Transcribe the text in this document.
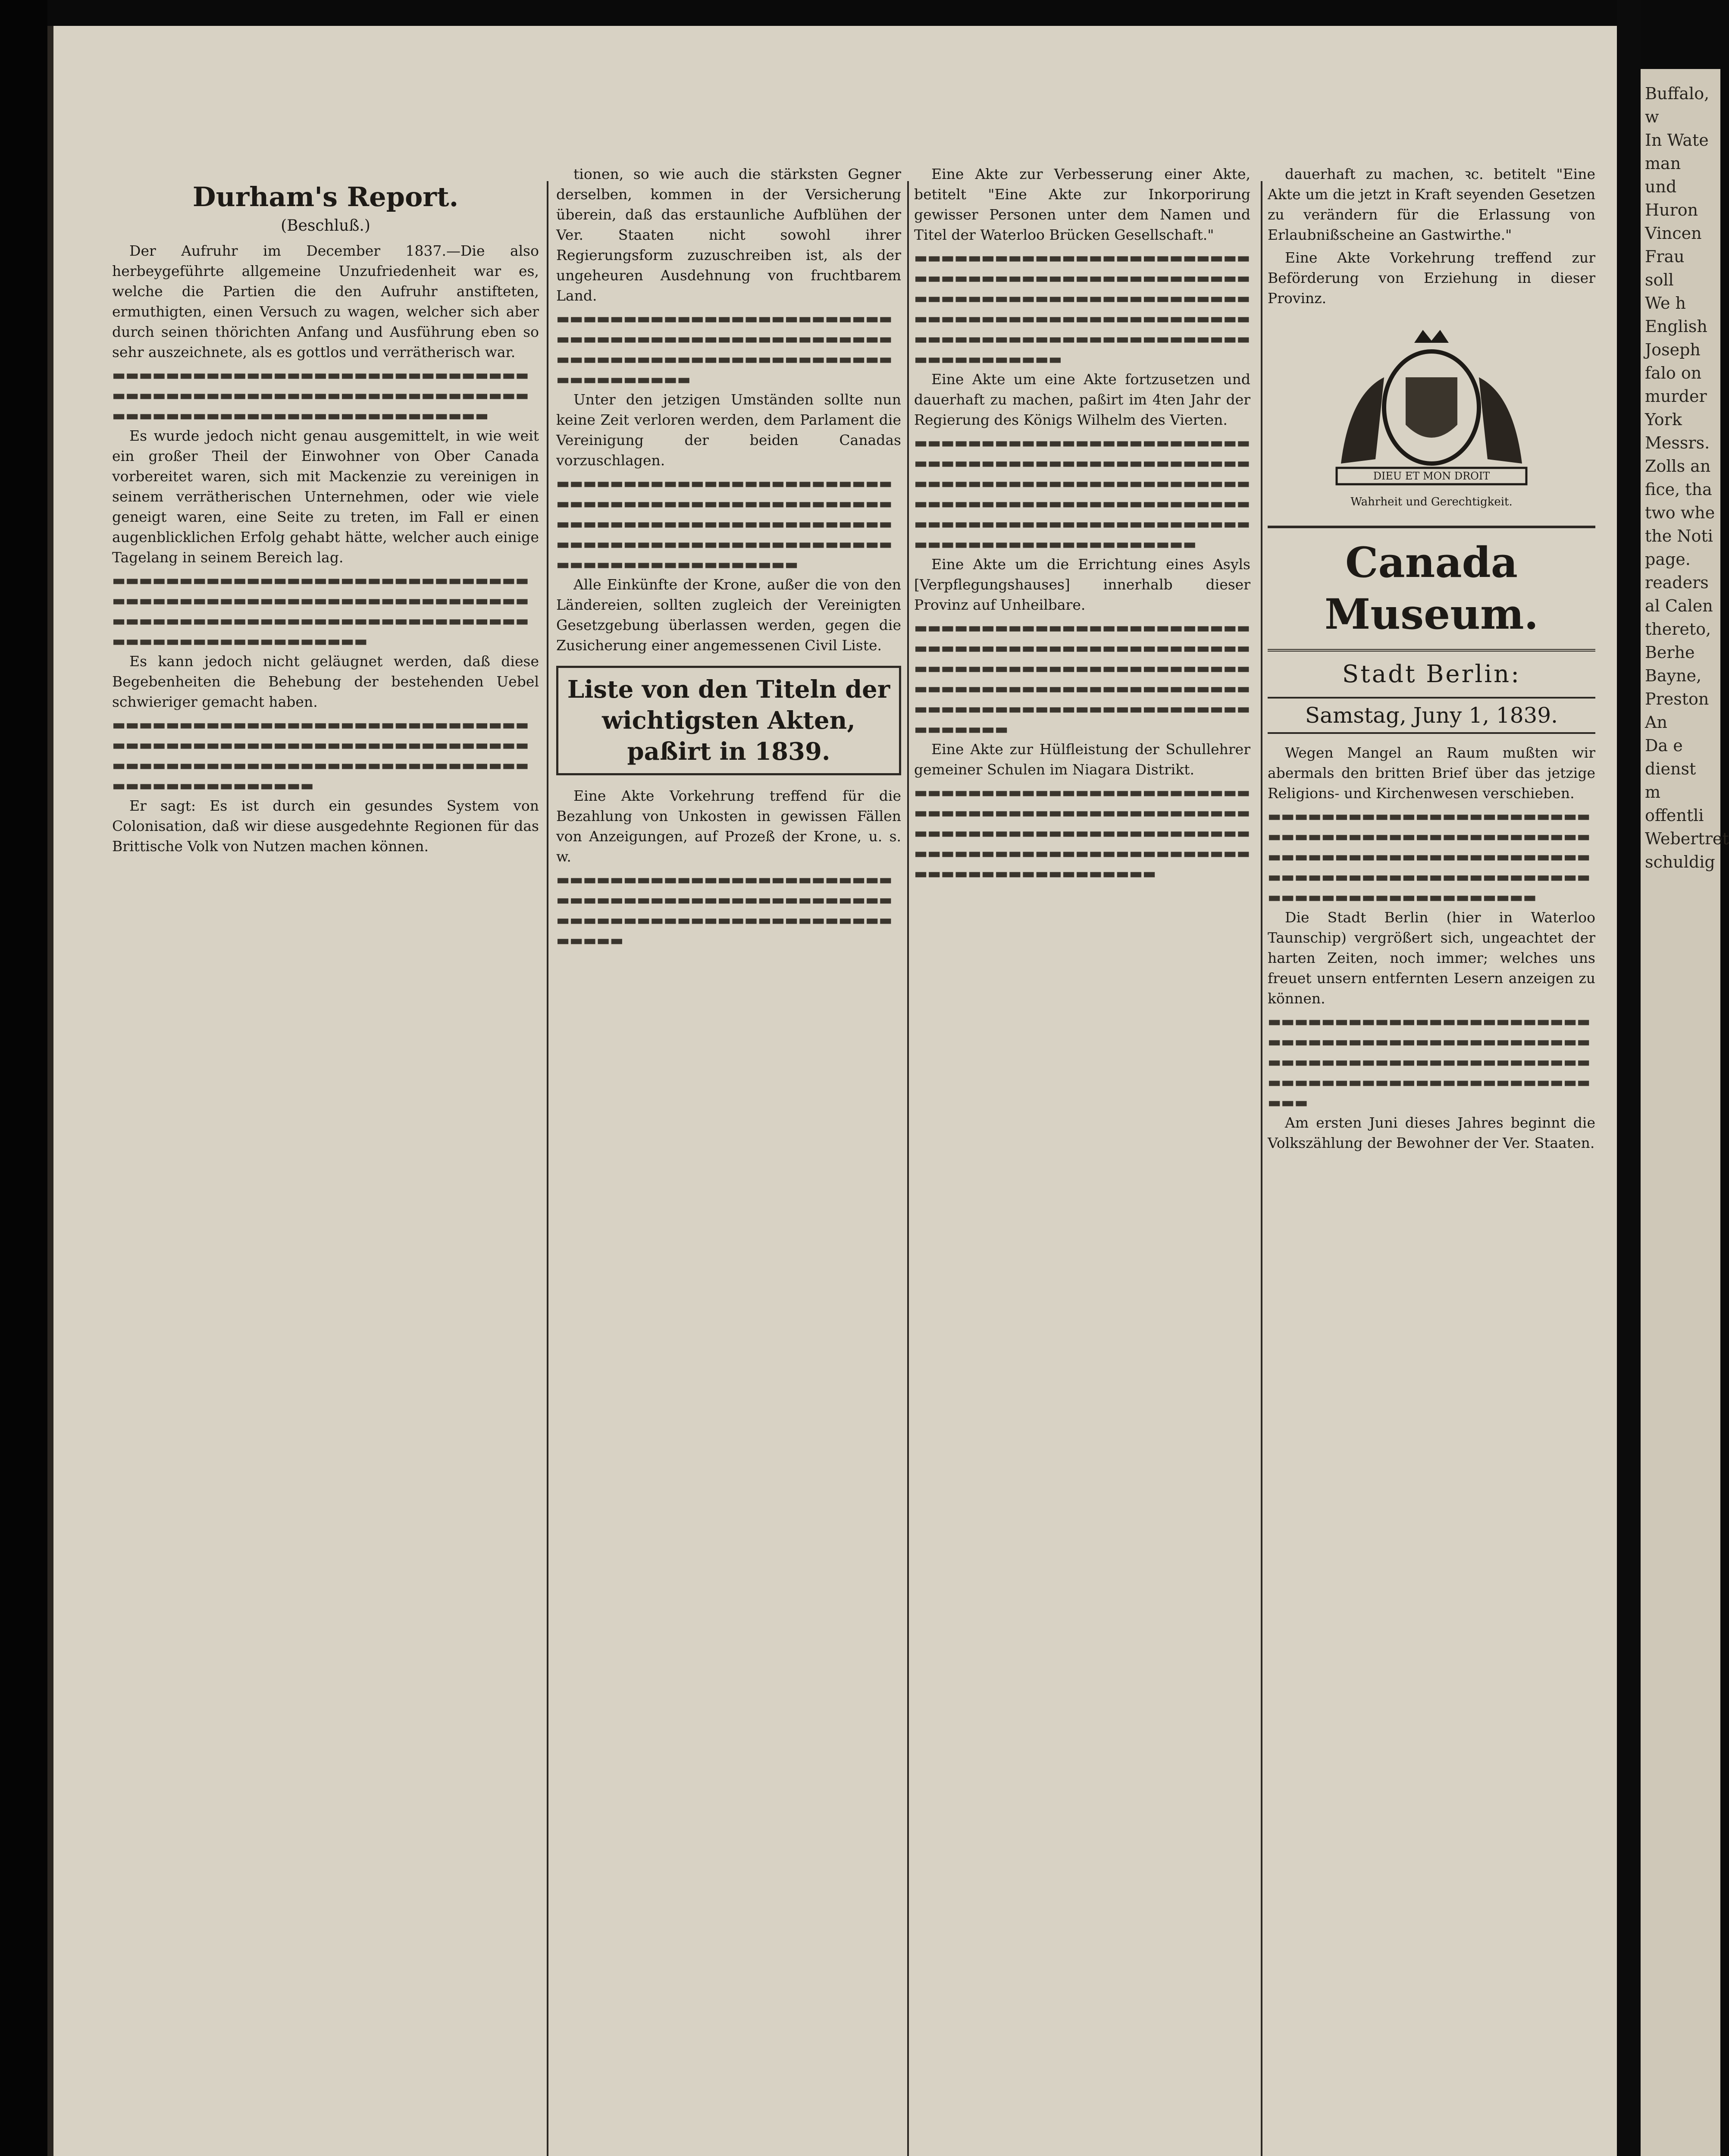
Durham's Report.
(Beschluß.)

Der Aufruhr im December 1837.—Die also herbeygeführte allgemeine Unzufriedenheit war es, welche die Partien die den Aufruhr anstifteten, ermuthigten, einen Versuch zu wagen, welcher sich aber durch seinen thörichten Anfang und Ausführung eben so sehr auszeichnete, als es gottlos und verrätherisch war.

▬▬▬▬▬▬▬▬▬▬▬▬▬▬▬▬▬▬▬▬▬▬▬▬▬▬▬▬▬▬▬▬▬▬▬▬▬▬▬▬▬▬▬▬▬▬▬▬▬▬▬▬▬▬▬▬▬▬▬▬▬▬▬▬▬▬▬▬▬▬▬▬▬▬▬▬▬▬▬▬▬▬▬▬▬▬▬▬▬▬

Es wurde jedoch nicht genau ausgemittelt, in wie weit ein großer Theil der Einwohner von Ober Canada vorbereitet waren, sich mit Mackenzie zu vereinigen in seinem verrätherischen Unternehmen, oder wie viele geneigt waren, eine Seite zu treten, im Fall er einen augenblicklichen Erfolg gehabt hätte, welcher auch einige Tagelang in seinem Bereich lag.

▬▬▬▬▬▬▬▬▬▬▬▬▬▬▬▬▬▬▬▬▬▬▬▬▬▬▬▬▬▬▬▬▬▬▬▬▬▬▬▬▬▬▬▬▬▬▬▬▬▬▬▬▬▬▬▬▬▬▬▬▬▬▬▬▬▬▬▬▬▬▬▬▬▬▬▬▬▬▬▬▬▬▬▬▬▬▬▬▬▬▬▬▬▬▬▬▬▬▬▬▬▬▬▬▬▬▬▬▬▬▬▬

Es kann jedoch nicht geläugnet werden, daß diese Begebenheiten die Behebung der bestehenden Uebel schwieriger gemacht haben.

▬▬▬▬▬▬▬▬▬▬▬▬▬▬▬▬▬▬▬▬▬▬▬▬▬▬▬▬▬▬▬▬▬▬▬▬▬▬▬▬▬▬▬▬▬▬▬▬▬▬▬▬▬▬▬▬▬▬▬▬▬▬▬▬▬▬▬▬▬▬▬▬▬▬▬▬▬▬▬▬▬▬▬▬▬▬▬▬▬▬▬▬▬▬▬▬▬▬▬▬▬▬▬▬▬▬▬▬

Er sagt: Es ist durch ein gesundes System von Colonisation, daß wir diese ausgedehnte Regionen für das Brittische Volk von Nutzen machen können.

tionen, so wie auch die stärksten Gegner derselben, kommen in der Versicherung überein, daß das erstaunliche Aufblühen der Ver. Staaten nicht sowohl ihrer Regierungsform zuzuschreiben ist, als der ungeheuren Ausdehnung von fruchtbarem Land.

▬▬▬▬▬▬▬▬▬▬▬▬▬▬▬▬▬▬▬▬▬▬▬▬▬▬▬▬▬▬▬▬▬▬▬▬▬▬▬▬▬▬▬▬▬▬▬▬▬▬▬▬▬▬▬▬▬▬▬▬▬▬▬▬▬▬▬▬▬▬▬▬▬▬▬▬▬▬▬▬▬▬▬▬▬

Unter den jetzigen Umständen sollte nun keine Zeit verloren werden, dem Parlament die Vereinigung der beiden Canadas vorzuschlagen.

▬▬▬▬▬▬▬▬▬▬▬▬▬▬▬▬▬▬▬▬▬▬▬▬▬▬▬▬▬▬▬▬▬▬▬▬▬▬▬▬▬▬▬▬▬▬▬▬▬▬▬▬▬▬▬▬▬▬▬▬▬▬▬▬▬▬▬▬▬▬▬▬▬▬▬▬▬▬▬▬▬▬▬▬▬▬▬▬▬▬▬▬▬▬▬▬▬▬▬▬▬▬▬▬▬▬▬▬▬▬▬▬▬▬▬▬▬▬

Alle Einkünfte der Krone, außer die von den Ländereien, sollten zugleich der Vereinigten Gesetzgebung überlassen werden, gegen die Zusicherung einer angemessenen Civil Liste.

Liste von den Titeln der wichtigsten Akten, paßirt in 1839.

Eine Akte Vorkehrung treffend für die Bezahlung von Unkosten in gewissen Fällen von Anzeigungen, auf Prozeß der Krone, u. s. w.

▬▬▬▬▬▬▬▬▬▬▬▬▬▬▬▬▬▬▬▬▬▬▬▬▬▬▬▬▬▬▬▬▬▬▬▬▬▬▬▬▬▬▬▬▬▬▬▬▬▬▬▬▬▬▬▬▬▬▬▬▬▬▬▬▬▬▬▬▬▬▬▬▬▬▬▬▬▬▬▬

Eine Akte zur Verbesserung einer Akte, betitelt "Eine Akte zur Inkorporirung gewisser Personen unter dem Namen und Titel der Waterloo Brücken Gesellschaft."

▬▬▬▬▬▬▬▬▬▬▬▬▬▬▬▬▬▬▬▬▬▬▬▬▬▬▬▬▬▬▬▬▬▬▬▬▬▬▬▬▬▬▬▬▬▬▬▬▬▬▬▬▬▬▬▬▬▬▬▬▬▬▬▬▬▬▬▬▬▬▬▬▬▬▬▬▬▬▬▬▬▬▬▬▬▬▬▬▬▬▬▬▬▬▬▬▬▬▬▬▬▬▬▬▬▬▬▬▬▬▬▬▬▬▬▬▬▬▬▬▬▬▬▬▬▬▬▬▬▬▬▬▬▬▬▬

Eine Akte um eine Akte fortzusetzen und dauerhaft zu machen, paßirt im 4ten Jahr der Regierung des Königs Wilhelm des Vierten.

▬▬▬▬▬▬▬▬▬▬▬▬▬▬▬▬▬▬▬▬▬▬▬▬▬▬▬▬▬▬▬▬▬▬▬▬▬▬▬▬▬▬▬▬▬▬▬▬▬▬▬▬▬▬▬▬▬▬▬▬▬▬▬▬▬▬▬▬▬▬▬▬▬▬▬▬▬▬▬▬▬▬▬▬▬▬▬▬▬▬▬▬▬▬▬▬▬▬▬▬▬▬▬▬▬▬▬▬▬▬▬▬▬▬▬▬▬▬▬▬▬▬▬▬▬▬▬▬▬▬▬▬▬▬▬▬▬▬▬▬▬▬▬▬▬▬

Eine Akte um die Errichtung eines Asyls [Verpflegungshauses] innerhalb dieser Provinz auf Unheilbare.

▬▬▬▬▬▬▬▬▬▬▬▬▬▬▬▬▬▬▬▬▬▬▬▬▬▬▬▬▬▬▬▬▬▬▬▬▬▬▬▬▬▬▬▬▬▬▬▬▬▬▬▬▬▬▬▬▬▬▬▬▬▬▬▬▬▬▬▬▬▬▬▬▬▬▬▬▬▬▬▬▬▬▬▬▬▬▬▬▬▬▬▬▬▬▬▬▬▬▬▬▬▬▬▬▬▬▬▬▬▬▬▬▬▬▬▬▬▬▬▬▬▬▬▬▬▬▬▬▬▬▬▬

Eine Akte zur Hülfleistung der Schullehrer gemeiner Schulen im Niagara Distrikt.

▬▬▬▬▬▬▬▬▬▬▬▬▬▬▬▬▬▬▬▬▬▬▬▬▬▬▬▬▬▬▬▬▬▬▬▬▬▬▬▬▬▬▬▬▬▬▬▬▬▬▬▬▬▬▬▬▬▬▬▬▬▬▬▬▬▬▬▬▬▬▬▬▬▬▬▬▬▬▬▬▬▬▬▬▬▬▬▬▬▬▬▬▬▬▬▬▬▬▬▬▬▬▬▬▬▬▬▬▬▬▬▬▬▬▬▬▬▬

dauerhaft zu machen, ꝛc. betitelt "Eine Akte um die jetzt in Kraft seyenden Gesetzen zu verändern für die Erlassung von Erlaubnißscheine an Gastwirthe."

Eine Akte Vorkehrung treffend zur Beförderung von Erziehung in dieser Provinz.

DIEU ET MON DROIT
Wahrheit und Gerechtigkeit.
Canada Museum.
Stadt Berlin:
Samstag, Juny 1, 1839.

Wegen Mangel an Raum mußten wir abermals den britten Brief über das jetzige Religions- und Kirchenwesen verschieben.

▬▬▬▬▬▬▬▬▬▬▬▬▬▬▬▬▬▬▬▬▬▬▬▬▬▬▬▬▬▬▬▬▬▬▬▬▬▬▬▬▬▬▬▬▬▬▬▬▬▬▬▬▬▬▬▬▬▬▬▬▬▬▬▬▬▬▬▬▬▬▬▬▬▬▬▬▬▬▬▬▬▬▬▬▬▬▬▬▬▬▬▬▬▬▬▬▬▬▬▬▬▬▬▬▬▬▬▬▬▬▬▬▬▬▬▬

Die Stadt Berlin (hier in Waterloo Taunschip) vergrößert sich, ungeachtet der harten Zeiten, noch immer; welches uns freuet unsern entfernten Lesern anzeigen zu können.

▬▬▬▬▬▬▬▬▬▬▬▬▬▬▬▬▬▬▬▬▬▬▬▬▬▬▬▬▬▬▬▬▬▬▬▬▬▬▬▬▬▬▬▬▬▬▬▬▬▬▬▬▬▬▬▬▬▬▬▬▬▬▬▬▬▬▬▬▬▬▬▬▬▬▬▬▬▬▬▬▬▬▬▬▬▬▬▬▬▬▬▬▬▬▬▬▬▬▬

Am ersten Juni dieses Jahres beginnt die Volkszählung der Bewohner der Ver. Staaten.

Buffalo, w
In Wate
man und
Huron
Vincen
Frau soll
We h
English
Joseph
falo on
murder
York
Messrs.
Zolls an
fice, tha
two whe
the Noti
page.
readers
al Calen
thereto,
Berhe
Bayne,
Preston
An
Da e
dienst m
offentli
Webertret
schuldig
